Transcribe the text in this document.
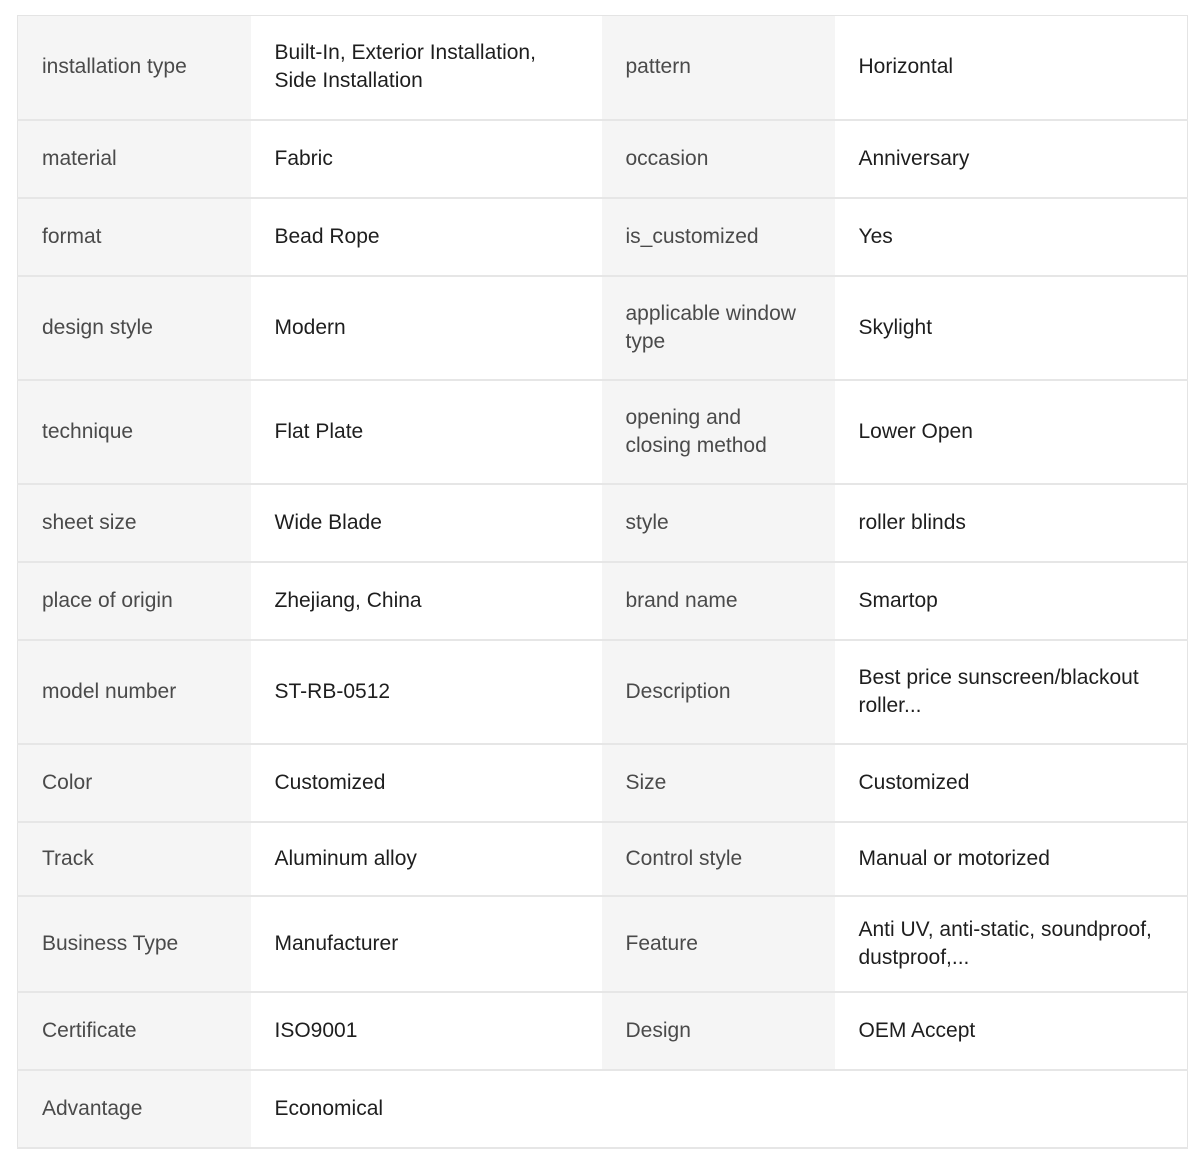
installation type	Built-In, Exterior Installation, Side Installation	pattern	Horizontal
material	Fabric	occasion	Anniversary
format	Bead Rope	is_customized	Yes
design style	Modern	applicable window type	Skylight
technique	Flat Plate	opening and closing method	Lower Open
sheet size	Wide Blade	style	roller blinds
place of origin	Zhejiang, China	brand name	Smartop
model number	ST-RB-0512	Description	Best price sunscreen/blackout roller...
Color	Customized	Size	Customized
Track	Aluminum alloy	Control style	Manual or motorized
Business Type	Manufacturer	Feature	Anti UV, anti-static, soundproof, dustproof,...
Certificate	ISO9001	Design	OEM Accept
Advantage	Economical		
